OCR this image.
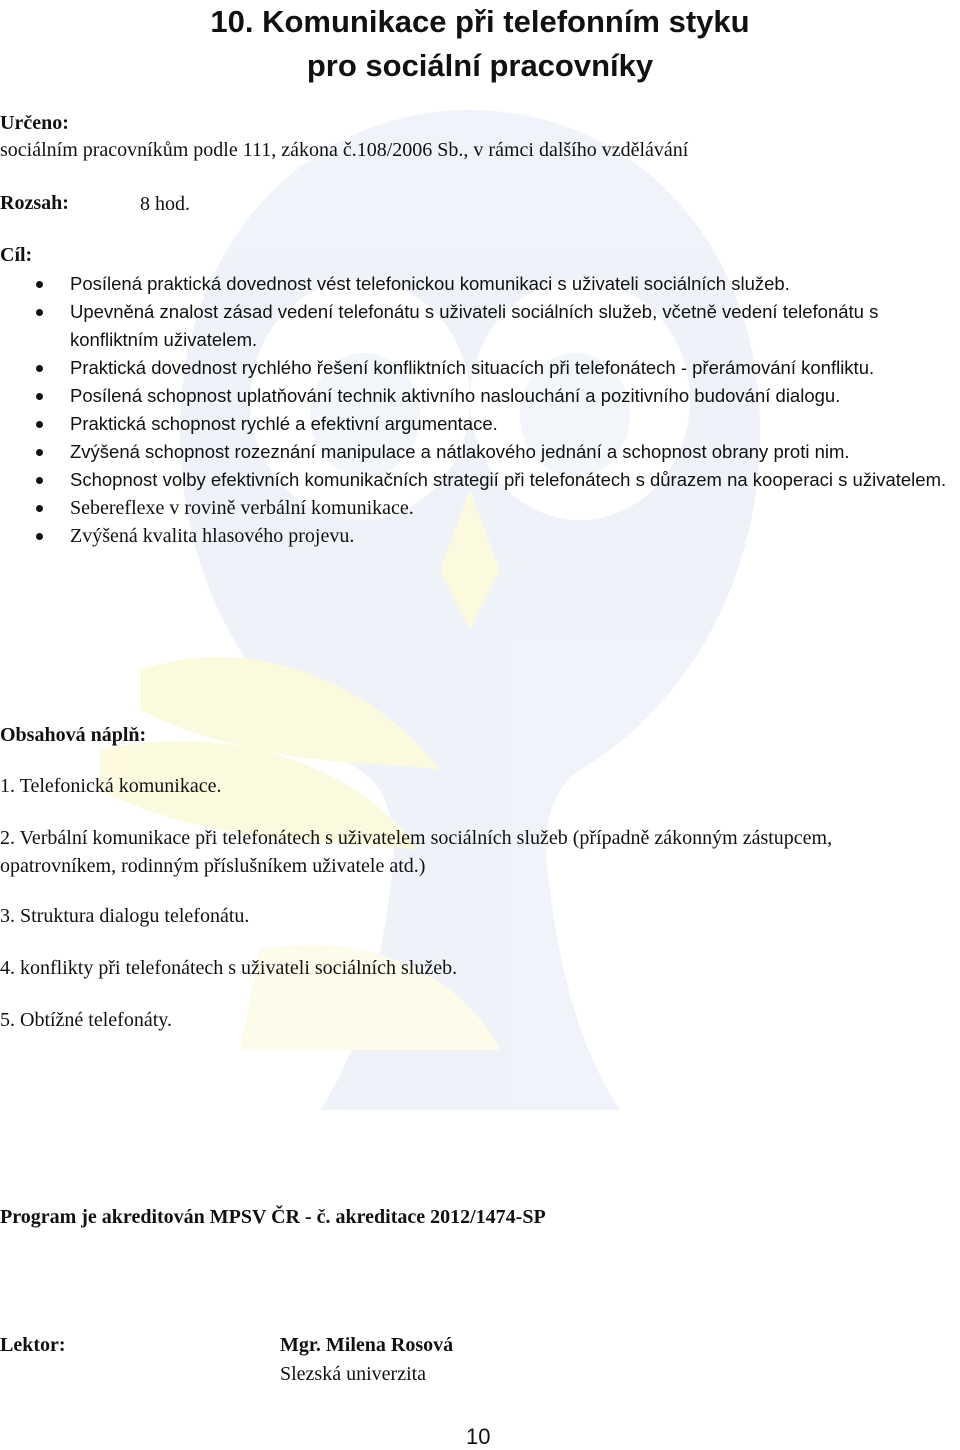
10. Komunikace při telefonním styku
pro sociální pracovníky
Určeno:
sociálním pracovníkům podle 111, zákona č.108/2006 Sb., v rámci dalšího vzdělávání
Rozsah:	8 hod.
Cíl:
Posílená praktická dovednost vést telefonickou komunikaci s uživateli sociálních služeb.
Upevněná znalost zásad vedení telefonátu s uživateli sociálních služeb, včetně vedení telefonátu s konfliktním uživatelem.
Praktická dovednost rychlého řešení konfliktních situacích při telefonátech - přerámování konfliktu.
Posílená schopnost uplatňování technik aktivního naslouchání a pozitivního budování dialogu.
Praktická schopnost rychlé a efektivní argumentace.
Zvýšená schopnost rozeznání manipulace a nátlakového jednání a schopnost obrany proti nim.
Schopnost volby efektivních komunikačních strategií při telefonátech s důrazem na kooperaci s uživatelem.
Sebereflexe v rovině verbální komunikace.
Zvýšená kvalita hlasového projevu.
Obsahová náplň:
1. Telefonická komunikace.
2. Verbální komunikace při telefonátech s uživatelem sociálních služeb (případně zákonným zástupcem, opatrovníkem, rodinným příslušníkem uživatele atd.)
3. Struktura dialogu telefonátu.
4. konflikty při telefonátech s uživateli sociálních služeb.
5. Obtížné telefonáty.
Program je akreditován MPSV ČR - č. akreditace 2012/1474-SP
Lektor:	Mgr. Milena Rosová
Slezská univerzita
10
